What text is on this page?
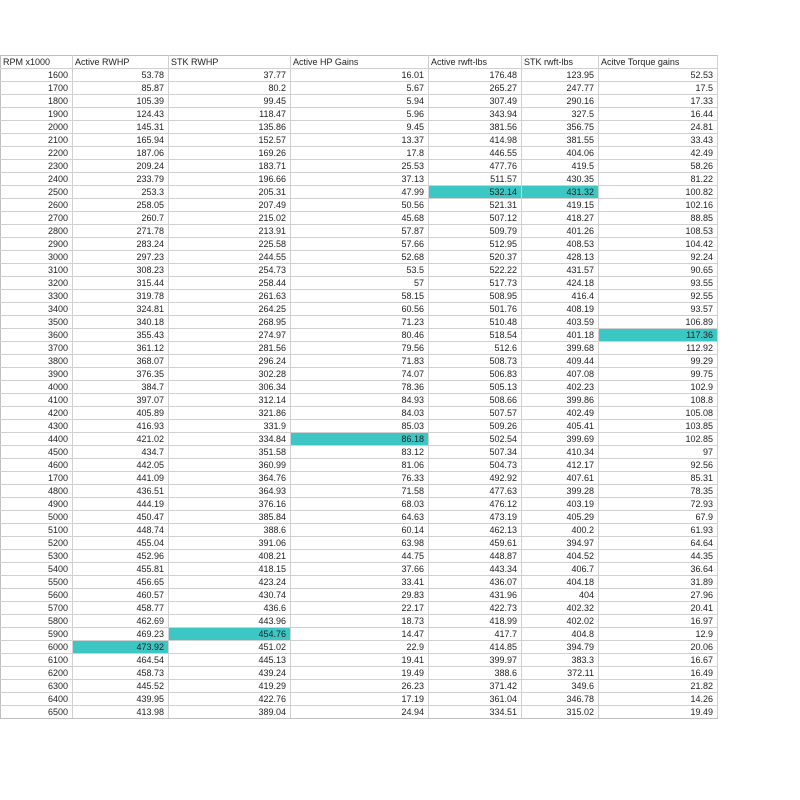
RPM x1000	Active RWHP	STK RWHP	Active HP Gains	Active rwft-lbs	STK rwft-lbs	Acitve Torque gains
1600	53.78	37.77	16.01	176.48	123.95	52.53
1700	85.87	80.2	5.67	265.27	247.77	17.5
1800	105.39	99.45	5.94	307.49	290.16	17.33
1900	124.43	118.47	5.96	343.94	327.5	16.44
2000	145.31	135.86	9.45	381.56	356.75	24.81
2100	165.94	152.57	13.37	414.98	381.55	33.43
2200	187.06	169.26	17.8	446.55	404.06	42.49
2300	209.24	183.71	25.53	477.76	419.5	58.26
2400	233.79	196.66	37.13	511.57	430.35	81.22
2500	253.3	205.31	47.99	532.14	431.32	100.82
2600	258.05	207.49	50.56	521.31	419.15	102.16
2700	260.7	215.02	45.68	507.12	418.27	88.85
2800	271.78	213.91	57.87	509.79	401.26	108.53
2900	283.24	225.58	57.66	512.95	408.53	104.42
3000	297.23	244.55	52.68	520.37	428.13	92.24
3100	308.23	254.73	53.5	522.22	431.57	90.65
3200	315.44	258.44	57	517.73	424.18	93.55
3300	319.78	261.63	58.15	508.95	416.4	92.55
3400	324.81	264.25	60.56	501.76	408.19	93.57
3500	340.18	268.95	71.23	510.48	403.59	106.89
3600	355.43	274.97	80.46	518.54	401.18	117.36
3700	361.12	281.56	79.56	512.6	399.68	112.92
3800	368.07	296.24	71.83	508.73	409.44	99.29
3900	376.35	302.28	74.07	506.83	407.08	99.75
4000	384.7	306.34	78.36	505.13	402.23	102.9
4100	397.07	312.14	84.93	508.66	399.86	108.8
4200	405.89	321.86	84.03	507.57	402.49	105.08
4300	416.93	331.9	85.03	509.26	405.41	103.85
4400	421.02	334.84	86.18	502.54	399.69	102.85
4500	434.7	351.58	83.12	507.34	410.34	97
4600	442.05	360.99	81.06	504.73	412.17	92.56
1700	441.09	364.76	76.33	492.92	407.61	85.31
4800	436.51	364.93	71.58	477.63	399.28	78.35
4900	444.19	376.16	68.03	476.12	403.19	72.93
5000	450.47	385.84	64.63	473.19	405.29	67.9
5100	448.74	388.6	60.14	462.13	400.2	61.93
5200	455.04	391.06	63.98	459.61	394.97	64.64
5300	452.96	408.21	44.75	448.87	404.52	44.35
5400	455.81	418.15	37.66	443.34	406.7	36.64
5500	456.65	423.24	33.41	436.07	404.18	31.89
5600	460.57	430.74	29.83	431.96	404	27.96
5700	458.77	436.6	22.17	422.73	402.32	20.41
5800	462.69	443.96	18.73	418.99	402.02	16.97
5900	469.23	454.76	14.47	417.7	404.8	12.9
6000	473.92	451.02	22.9	414.85	394.79	20.06
6100	464.54	445.13	19.41	399.97	383.3	16.67
6200	458.73	439.24	19.49	388.6	372.11	16.49
6300	445.52	419.29	26.23	371.42	349.6	21.82
6400	439.95	422.76	17.19	361.04	346.78	14.26
6500	413.98	389.04	24.94	334.51	315.02	19.49
